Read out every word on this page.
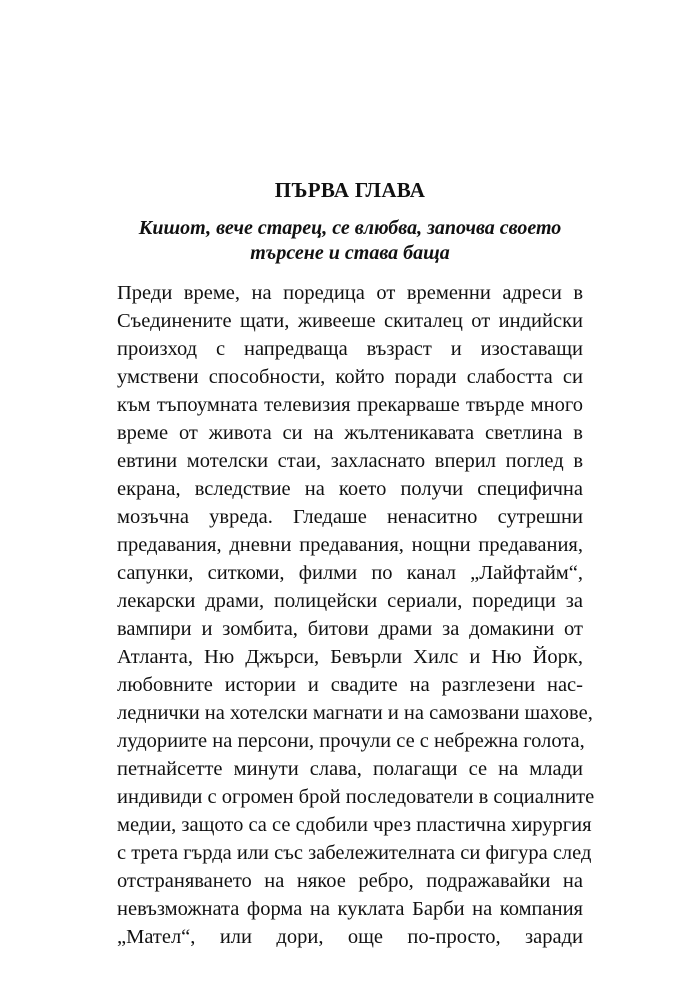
ПЪРВА ГЛАВА
Кишот, вече старец, се влюбва, започва своето
търсене и става баща
Преди време, на поредица от временни адреси в
Съединените щати, живееше скиталец от индийски
произход с напредваща възраст и изоставащи
умствени способности, който поради слабостта си
към тъпоумната телевизия прекарваше твърде много
време от живота си на жълтеникавата светлина в
евтини мотелски стаи, захласнато вперил поглед в
екрана, вследствие на което получи специфична
мозъчна увреда. Гледаше ненаситно сутрешни
предавания, дневни предавания, нощни предавания,
сапунки, ситкоми, филми по канал „Лайфтайм“,
лекарски драми, полицейски сериали, поредици за
вампири и зомбита, битови драми за домакини от
Атланта, Ню Джърси, Бевърли Хилс и Ню Йорк,
любовните истории и свадите на разглезени нас-
леднички на хотелски магнати и на самозвани шахове,
лудориите на персони, прочули се с небрежна голота,
петнайсетте минути слава, полагащи се на млади
индивиди с огромен брой последователи в социалните
медии, защото са се сдобили чрез пластична хирургия
с трета гърда или със забележителната си фигура след
отстраняването на някое ребро, подражавайки на
невъзможната форма на куклата Барби на компания
„Мател“, или дори, още по-просто, заради
